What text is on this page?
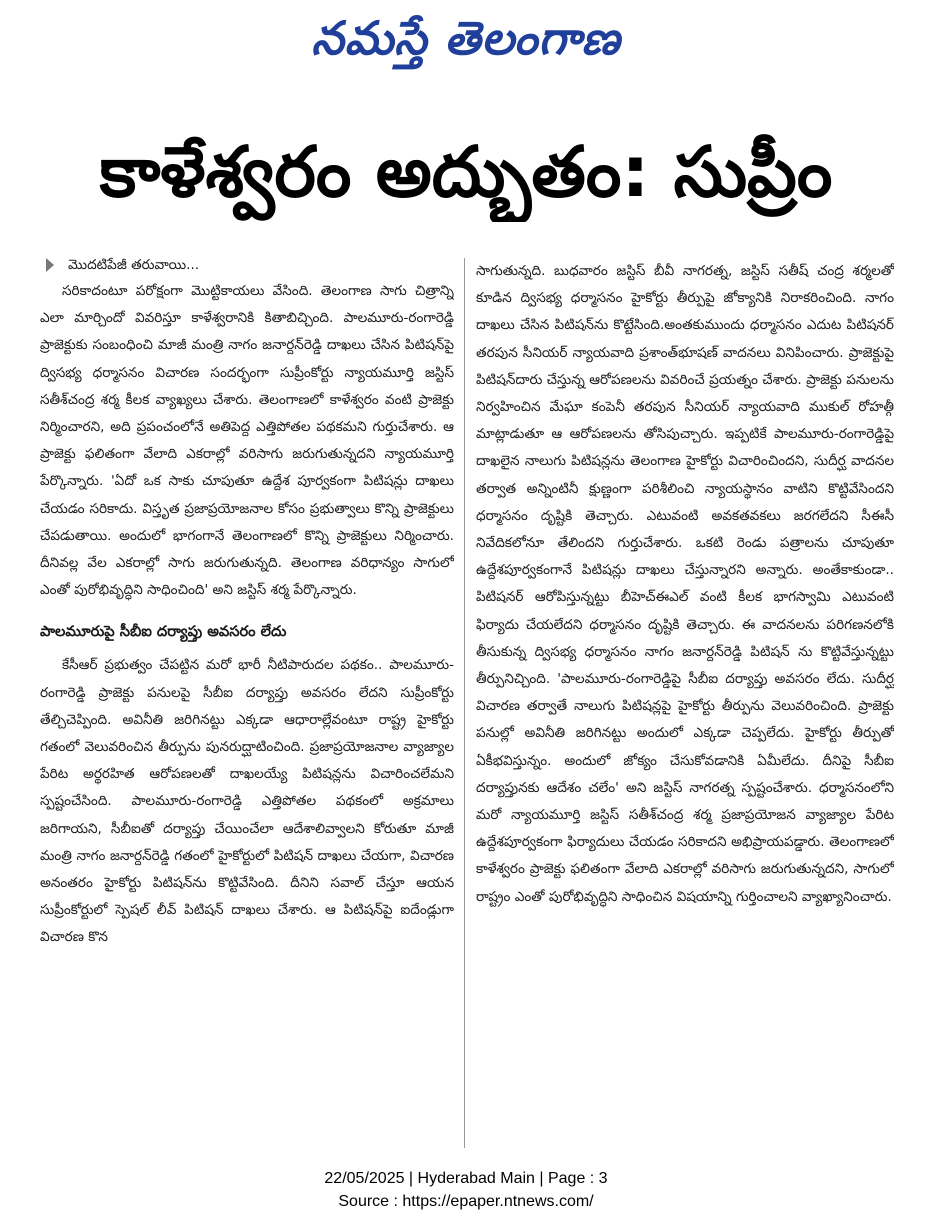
నమస్తే తెలంగాణ
కాళేశ్వరం అద్భుతం: సుప్రీం
మొదటిపేజీ తరువాయి...

సరికాదంటూ పరోక్షంగా మొట్టికాయలు వేసింది. తెలంగాణ సాగు చిత్రాన్ని ఎలా మార్చిందో వివరిస్తూ కాళేశ్వరానికి కితాబిచ్చింది. పాలమూరు-రంగారెడ్డి ప్రాజెక్టుకు సంబంధించి మాజీ మంత్రి నాగం జనార్దన్‌రెడ్డి దాఖలు చేసిన పిటిషన్‌పై ద్విసభ్య ధర్మాసనం విచారణ సందర్భంగా సుప్రీంకోర్టు న్యాయమూర్తి జస్టిస్ సతీశ్‌చంద్ర శర్మ కీలక వ్యాఖ్యలు చేశారు. తెలంగాణలో కాళేశ్వరం వంటి ప్రాజెక్టు నిర్మించారని, అది ప్రపంచంలోనే అతిపెద్ద ఎత్తిపోతల పథకమని గుర్తుచేశారు. ఆ ప్రాజెక్టు ఫలితంగా వేలాది ఎకరాల్లో వరిసాగు జరుగుతున్నదని న్యాయమూర్తి పేర్కొన్నారు. 'ఏదో ఒక సాకు చూపుతూ ఉద్దేశ పూర్వకంగా పిటిషన్లు దాఖలు చేయడం సరికాదు. విస్తృత ప్రజాప్రయోజనాల కోసం ప్రభుత్వాలు కొన్ని ప్రాజెక్టులు చేపడుతాయి. అందులో భాగంగానే తెలంగాణలో కొన్ని ప్రాజెక్టులు నిర్మించారు. దీనివల్ల వేల ఎకరాల్లో సాగు జరుగుతున్నది. తెలంగాణ వరిధాన్యం సాగులో ఎంతో పురోభివృద్ధిని సాధించింది' అని జస్టిస్ శర్మ పేర్కొన్నారు.

పాలమూరుపై సీబీఐ దర్యాప్తు అవసరం లేదు

కేసీఆర్ ప్రభుత్వం చేపట్టిన మరో భారీ నీటిపారుదల పథకం.. పాలమూరు-రంగారెడ్డి ప్రాజెక్టు పనులపై సీబీఐ దర్యాప్తు అవసరం లేదని సుప్రీంకోర్టు తేల్చిచెప్పింది. అవినీతి జరిగినట్టు ఎక్కడా ఆధారాల్లేవంటూ రాష్ట్ర హైకోర్టు గతంలో వెలువరించిన తీర్పును పునరుద్ఘాటించింది. ప్రజాప్రయోజనాల వ్యాజ్యాల పేరిట అర్థరహిత ఆరోపణలతో దాఖలయ్యే పిటిషన్లను విచారించలేమని స్పష్టంచేసింది. పాలమూరు-రంగారెడ్డి ఎత్తిపోతల పథకంలో అక్రమాలు జరిగాయని, సీబీఐతో దర్యాప్తు చేయించేలా ఆదేశాలివ్వాలని కోరుతూ మాజీ మంత్రి నాగం జనార్దన్‌రెడ్డి గతంలో హైకోర్టులో పిటిషన్ దాఖలు చేయగా, విచారణ అనంతరం హైకోర్టు పిటిషన్‌ను కొట్టివేసింది. దీనిని సవాల్ చేస్తూ ఆయన సుప్రీంకోర్టులో స్పెషల్ లీవ్ పిటిషన్ దాఖలు చేశారు. ఆ పిటిషన్‌పై ఐదేండ్లుగా విచారణ కొన

సాగుతున్నది. బుధవారం జస్టిస్ బీవీ నాగరత్న, జస్టిస్ సతీష్ చంద్ర శర్మలతో కూడిన ద్విసభ్య ధర్మాసనం హైకోర్టు తీర్పుపై జోక్యానికి నిరాకరించింది. నాగం దాఖలు చేసిన పిటిషన్‌ను కొట్టేసింది.అంతకుముందు ధర్మాసనం ఎదుట పిటిషనర్ తరపున సీనియర్ న్యాయవాది ప్రశాంత్‌భూషణ్ వాదనలు వినిపించారు. ప్రాజెక్టుపై పిటిషన్‌దారు చేస్తున్న ఆరోపణలను వివరించే ప్రయత్నం చేశారు. ప్రాజెక్టు పనులను నిర్వహించిన మేఘా కంపెనీ తరపున సీనియర్ న్యాయవాది ముకుల్ రోహత్గీ మాట్లాడుతూ ఆ ఆరోపణలను తోసిపుచ్చారు. ఇప్పటికే పాలమూరు-రంగారెడ్డిపై దాఖలైన నాలుగు పిటిషన్లను తెలంగాణ హైకోర్టు విచారించిందని, సుదీర్ఘ వాదనల తర్వాత అన్నింటినీ క్షుణ్ణంగా పరిశీలించి న్యాయస్థానం వాటిని కొట్టివేసిందని ధర్మాసనం దృష్టికి తెచ్చారు. ఎటువంటి అవకతవకలు జరగలేదని సీఈసీ నివేదికలోనూ తేలిందని గుర్తుచేశారు. ఒకటి రెండు పత్రాలను చూపుతూ ఉద్దేశపూర్వకంగానే పిటిషన్లు దాఖలు చేస్తున్నారని అన్నారు. అంతేకాకుండా.. పిటిషనర్ ఆరోపిస్తున్నట్టు బీహెచ్‌ఈఎల్ వంటి కీలక భాగస్వామి ఎటువంటి ఫిర్యాదు చేయలేదని ధర్మాసనం దృష్టికి తెచ్చారు. ఈ వాదనలను పరిగణనలోకి తీసుకున్న ద్విసభ్య ధర్మాసనం నాగం జనార్దన్‌రెడ్డి పిటిషన్ ను కొట్టివేస్తున్నట్టు తీర్పునిచ్చింది. 'పాలమూరు-రంగారెడ్డిపై సీబీఐ దర్యాప్తు అవసరం లేదు. సుదీర్ఘ విచారణ తర్వాతే నాలుగు పిటిషన్లపై హైకోర్టు తీర్పును వెలువరించింది. ప్రాజెక్టు పనుల్లో అవినీతి జరిగినట్టు అందులో ఎక్కడా చెప్పలేదు. హైకోర్టు తీర్పుతో ఏకీభవిస్తున్నం. అందులో జోక్యం చేసుకోవడానికి ఏమీలేదు. దీనిపై సీబీఐ దర్యాప్తునకు ఆదేశం చలేం' అని జస్టిస్ నాగరత్న స్పష్టంచేశారు. ధర్మాసనంలోని మరో న్యాయమూర్తి జస్టిస్ సతీశ్‌చంద్ర శర్మ ప్రజాప్రయోజన వ్యాజ్యాల పేరిట ఉద్దేశపూర్వకంగా ఫిర్యాదులు చేయడం సరికాదని అభిప్రాయపడ్డారు. తెలంగాణలో కాళేశ్వరం ప్రాజెక్టు ఫలితంగా వేలాది ఎకరాల్లో వరిసాగు జరుగుతున్నదని, సాగులో రాష్ట్రం ఎంతో పురోభివృద్ధిని సాధించిన విషయాన్ని గుర్తించాలని వ్యాఖ్యానించారు.

22/05/2025 | Hyderabad Main | Page : 3
Source : https://epaper.ntnews.com/
